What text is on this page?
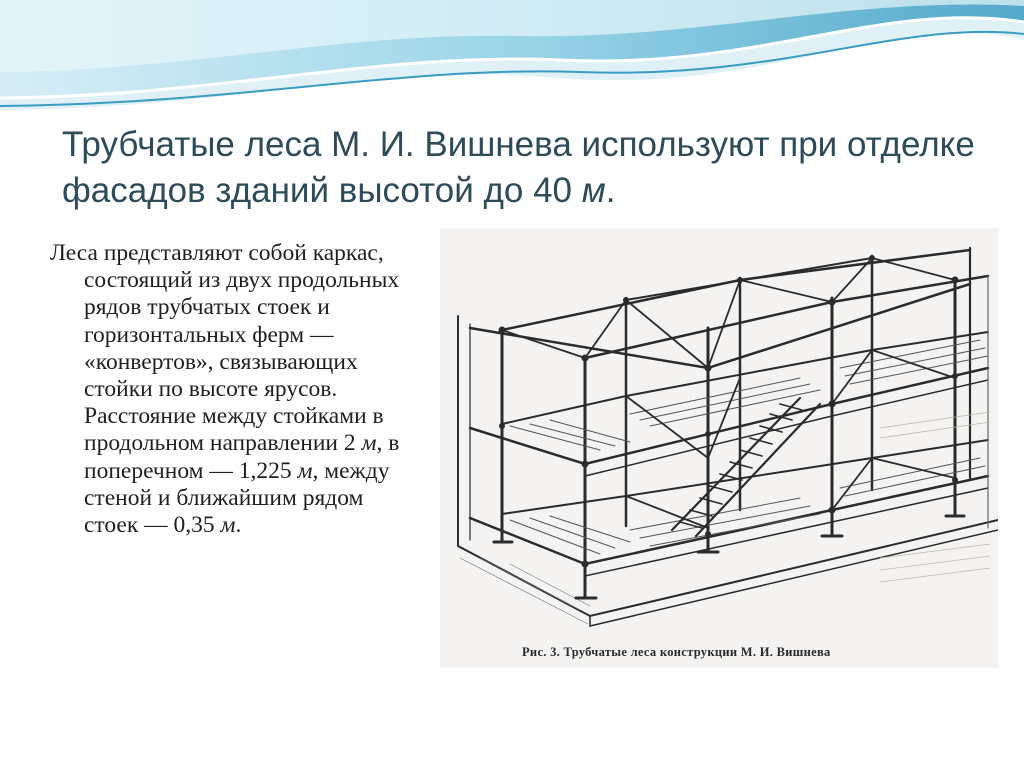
Трубчатые леса М. И. Вишнева используют при отделке фасадов зданий высотой до 40 м.
Леса представляют собой каркас, состоящий из двух продольных рядов трубчатых стоек и горизонтальных ферм — «конвертов», связывающих стойки по высоте ярусов. Расстояние между стойками в продольном направлении 2 м, в поперечном — 1,225 м, между стеной и ближайшим рядом стоек — 0,35 м.
Рис. 3. Трубчатые леса конструкции М. И. Вишнева
